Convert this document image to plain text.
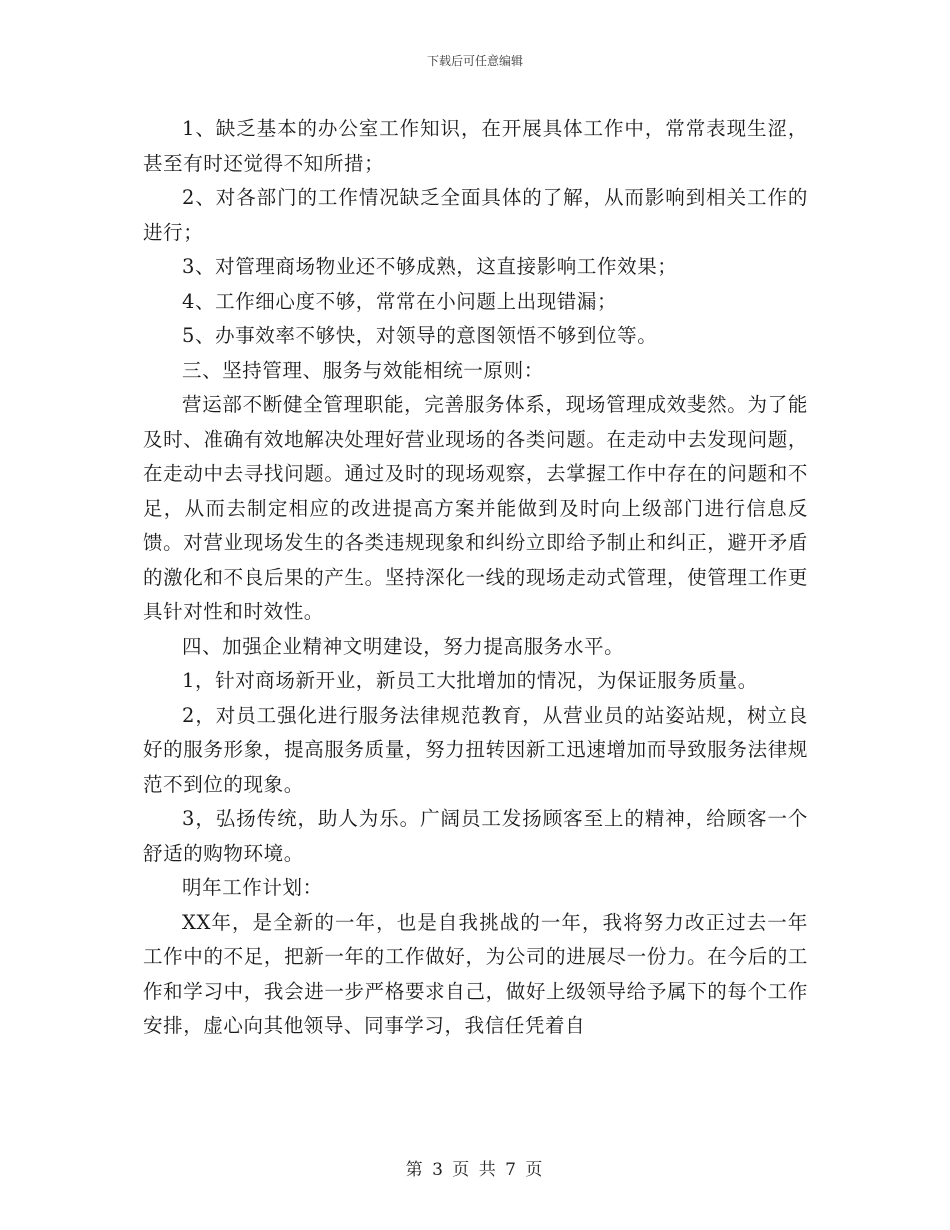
下载后可任意编辑

1、缺乏基本的办公室工作知识，在开展具体工作中，常常表现生涩，甚至有时还觉得不知所措；

2、对各部门的工作情况缺乏全面具体的了解，从而影响到相关工作的进行；

3、对管理商场物业还不够成熟，这直接影响工作效果；

4、工作细心度不够，常常在小问题上出现错漏；

5、办事效率不够快，对领导的意图领悟不够到位等。

三、坚持管理、服务与效能相统一原则：

营运部不断健全管理职能，完善服务体系，现场管理成效斐然。为了能及时、准确有效地解决处理好营业现场的各类问题。在走动中去发现问题，在走动中去寻找问题。通过及时的现场观察，去掌握工作中存在的问题和不足，从而去制定相应的改进提高方案并能做到及时向上级部门进行信息反馈。对营业现场发生的各类违规现象和纠纷立即给予制止和纠正，避开矛盾的激化和不良后果的产生。坚持深化一线的现场走动式管理，使管理工作更具针对性和时效性。

四、加强企业精神文明建设，努力提高服务水平。

1，针对商场新开业，新员工大批增加的情况，为保证服务质量。

2，对员工强化进行服务法律规范教育，从营业员的站姿站规，树立良好的服务形象，提高服务质量，努力扭转因新工迅速增加而导致服务法律规范不到位的现象。

3，弘扬传统，助人为乐。广阔员工发扬顾客至上的精神，给顾客一个舒适的购物环境。

明年工作计划：

XX年，是全新的一年，也是自我挑战的一年，我将努力改正过去一年工作中的不足，把新一年的工作做好，为公司的进展尽一份力。在今后的工作和学习中，我会进一步严格要求自己，做好上级领导给予属下的每个工作安排，虚心向其他领导、同事学习，我信任凭着自

第 3 页 共 7 页
